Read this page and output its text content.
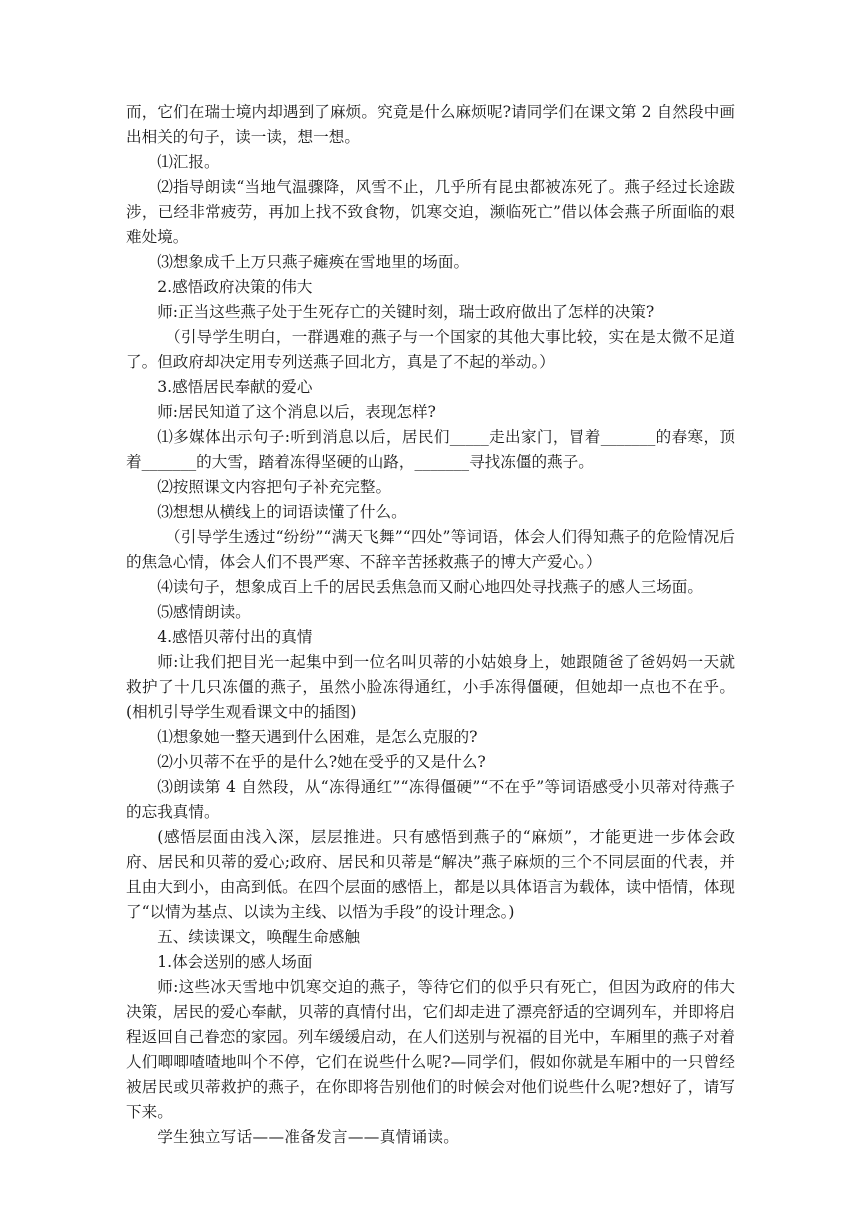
而，它们在瑞士境内却遇到了麻烦。究竟是什么麻烦呢?请同学们在课文第 2 自然段中画出相关的句子，读一读，想一想。

⑴汇报。

⑵指导朗读“当地气温骤降，风雪不止，几乎所有昆虫都被冻死了。燕子经过长途跋涉，已经非常疲劳，再加上找不致食物，饥寒交迫，濒临死亡”借以体会燕子所面临的艰难处境。

⑶想象成千上万只燕子瘫痪在雪地里的场面。

2.感悟政府决策的伟大

师:正当这些燕子处于生死存亡的关键时刻，瑞士政府做出了怎样的决策?

（引导学生明白，一群遇难的燕子与一个国家的其他大事比较，实在是太微不足道了。但政府却决定用专列送燕子回北方，真是了不起的举动。）

3.感悟居民奉献的爱心

师:居民知道了这个消息以后，表现怎样?

⑴多媒体出示句子:听到消息以后，居民们_____走出家门，冒着_______的春寒，顶着_______的大雪，踏着冻得坚硬的山路，_______寻找冻僵的燕子。

⑵按照课文内容把句子补充完整。

⑶想想从横线上的词语读懂了什么。

（引导学生透过“纷纷”“满天飞舞”“四处”等词语，体会人们得知燕子的危险情况后的焦急心情，体会人们不畏严寒、不辞辛苦拯救燕子的博大产爱心。）

⑷读句子，想象成百上千的居民丢焦急而又耐心地四处寻找燕子的感人三场面。

⑸感情朗读。

4.感悟贝蒂付出的真情

师:让我们把目光一起集中到一位名叫贝蒂的小姑娘身上，她跟随爸了爸妈妈一天就救护了十几只冻僵的燕子，虽然小脸冻得通红，小手冻得僵硬，但她却一点也不在乎。(相机引导学生观看课文中的插图)

⑴想象她一整天遇到什么困难，是怎么克服的?

⑵小贝蒂不在乎的是什么?她在受乎的又是什么?

⑶朗读第 4 自然段，从“冻得通红”“冻得僵硬”“不在乎”等词语感受小贝蒂对待燕子的忘我真情。

(感悟层面由浅入深，层层推进。只有感悟到燕子的“麻烦”，才能更进一步体会政府、居民和贝蒂的爱心;政府、居民和贝蒂是“解决”燕子麻烦的三个不同层面的代表，并且由大到小，由高到低。在四个层面的感悟上，都是以具体语言为载体，读中悟情，体现了“以情为基点、以读为主线、以悟为手段”的设计理念。)

五、续读课文，唤醒生命感触

1.体会送别的感人场面

师:这些冰天雪地中饥寒交迫的燕子，等待它们的似乎只有死亡，但因为政府的伟大决策，居民的爱心奉献，贝蒂的真情付出，它们却走进了漂亮舒适的空调列车，并即将启程返回自己眷恋的家园。列车缓缓启动，在人们送别与祝福的目光中，车厢里的燕子对着人们唧唧喳喳地叫个不停，它们在说些什么呢?—同学们，假如你就是车厢中的一只曾经被居民或贝蒂救护的燕子，在你即将告别他们的时候会对他们说些什么呢?想好了，请写下来。

学生独立写话——准备发言——真情诵读。
